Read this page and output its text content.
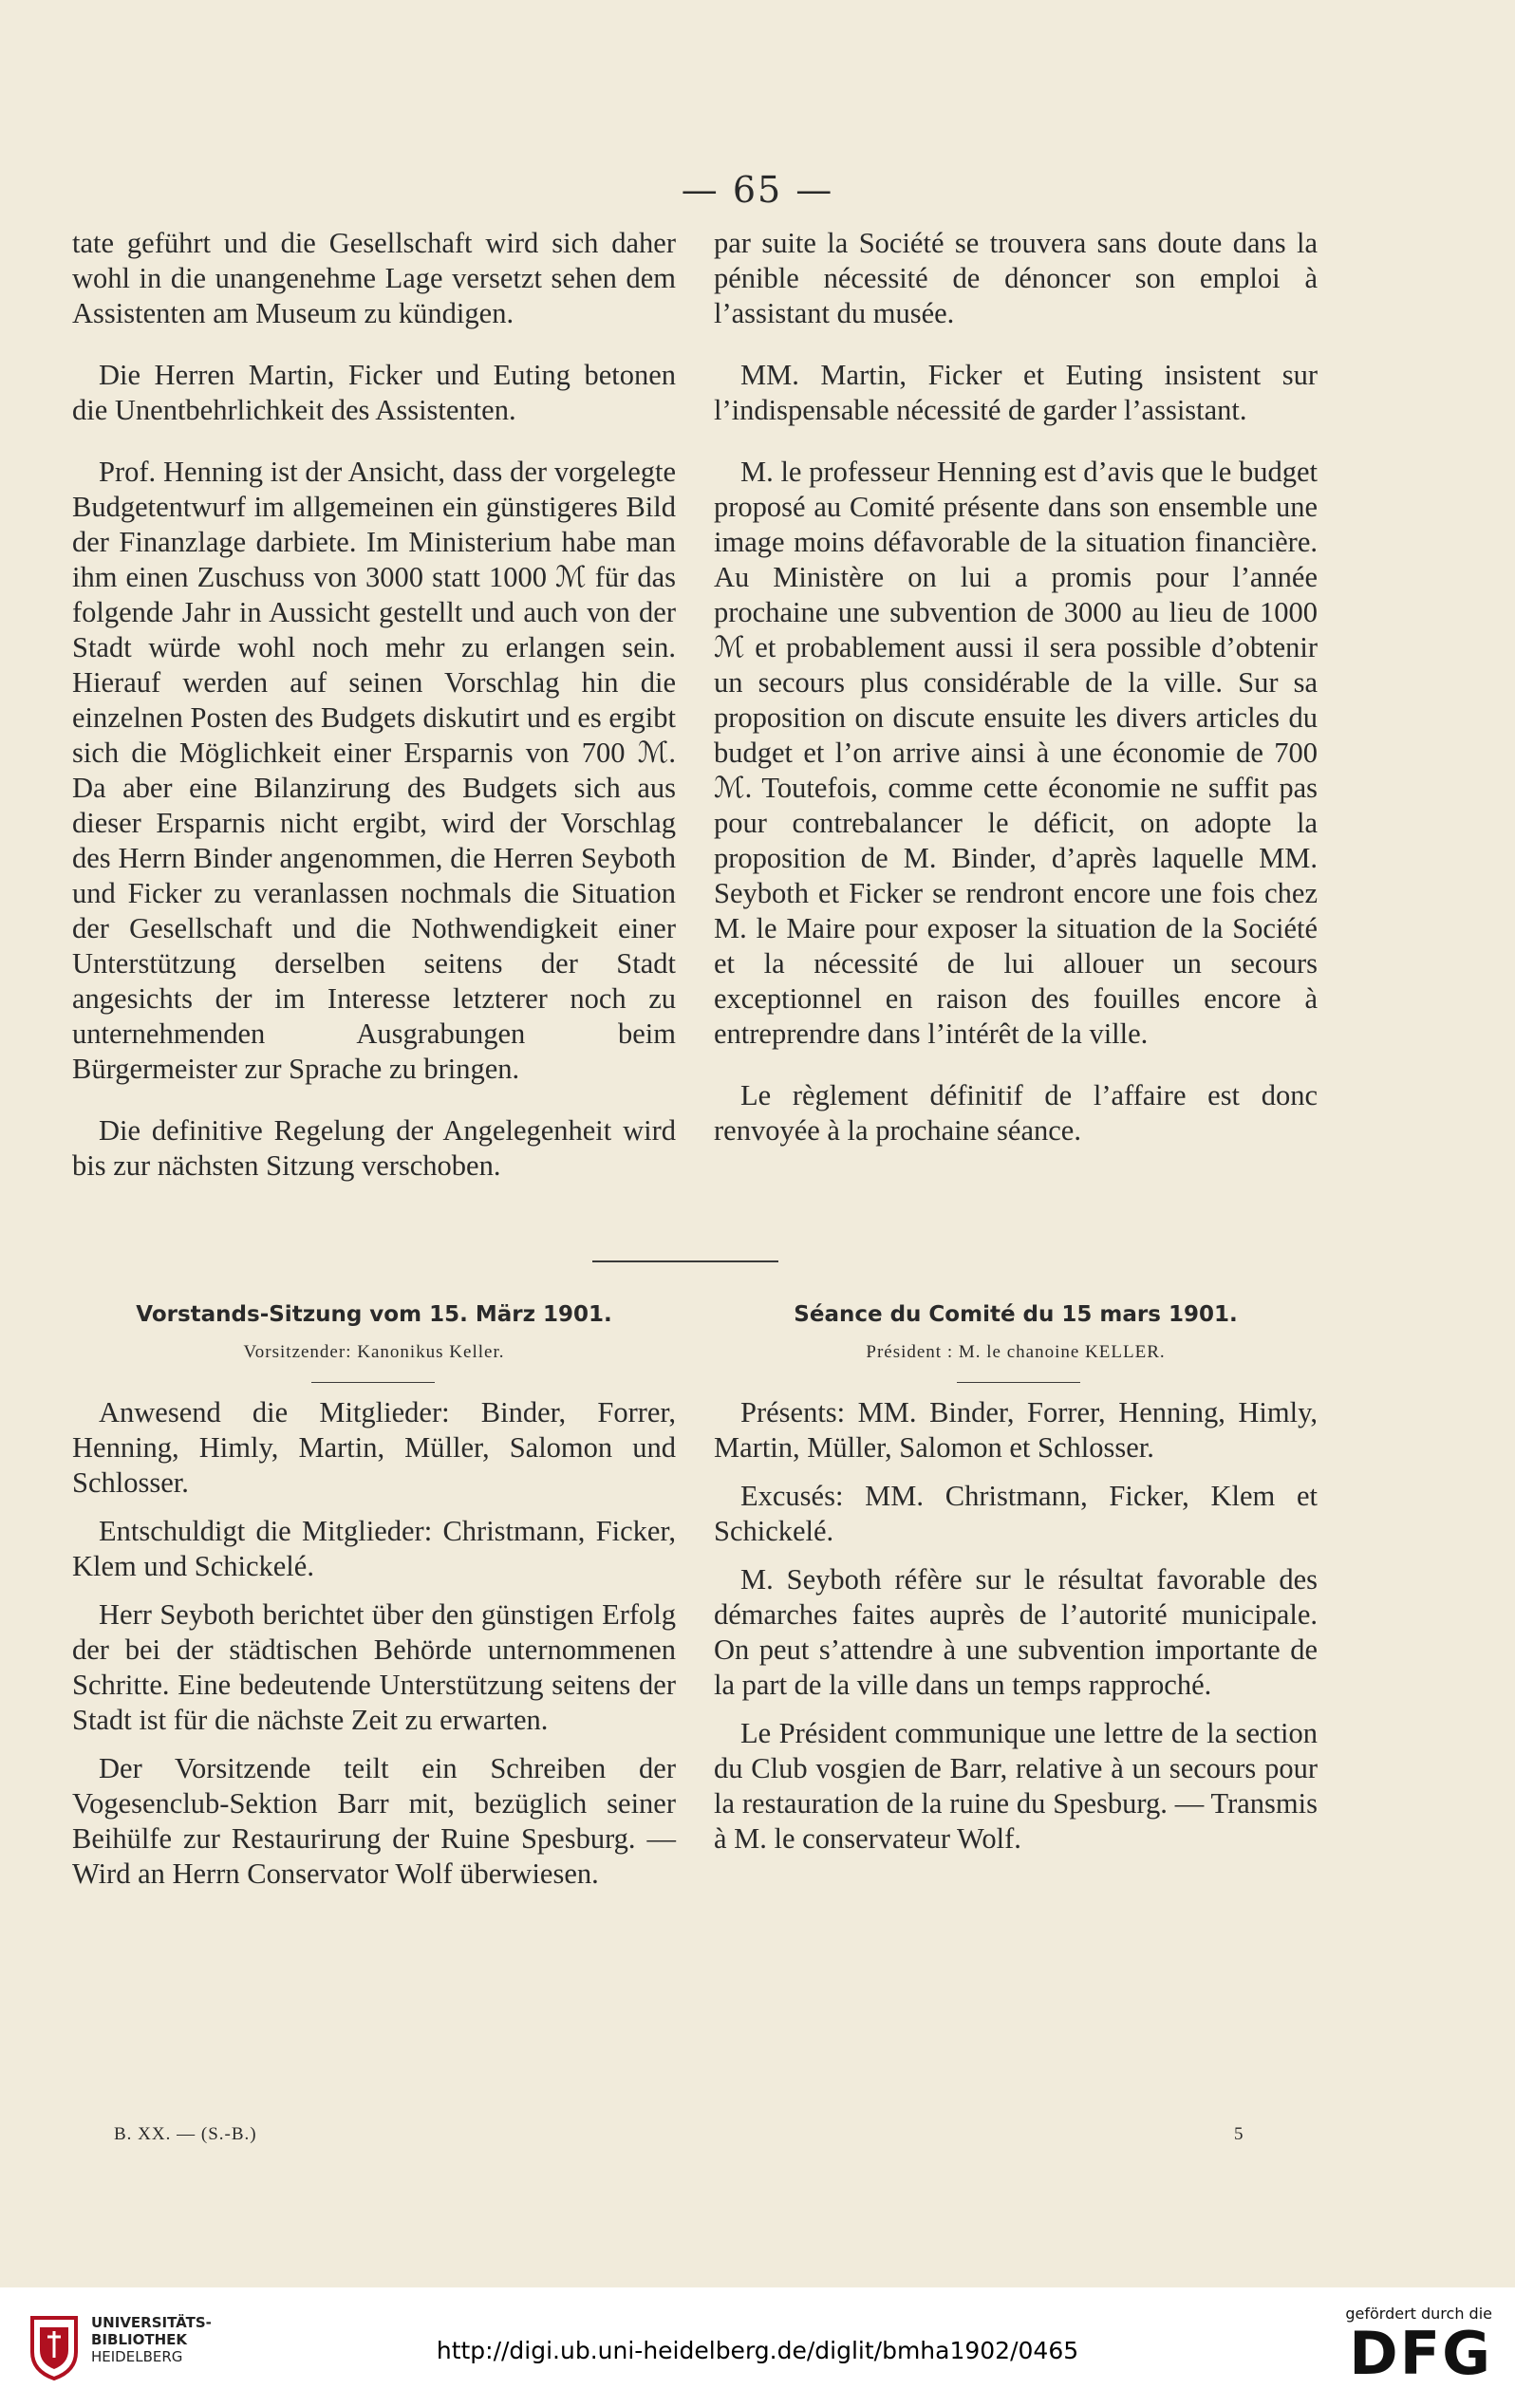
— 65 —

tate geführt und die Gesellschaft wird sich daher wohl in die unangenehme Lage versetzt sehen dem Assistenten am Museum zu kündigen.

Die Herren Martin, Ficker und Euting betonen die Unentbehrlichkeit des Assistenten.

Prof. Henning ist der Ansicht, dass der vorgelegte Budgetentwurf im allgemeinen ein günstigeres Bild der Finanzlage darbiete. Im Ministerium habe man ihm einen Zuschuss von 3000 statt 1000 ℳ für das folgende Jahr in Aussicht gestellt und auch von der Stadt würde wohl noch mehr zu erlangen sein. Hierauf werden auf seinen Vorschlag hin die einzelnen Posten des Budgets diskutirt und es ergibt sich die Möglichkeit einer Ersparnis von 700 ℳ. Da aber eine Bilanzirung des Budgets sich aus dieser Ersparnis nicht ergibt, wird der Vorschlag des Herrn Binder angenommen, die Herren Seyboth und Ficker zu veranlassen nochmals die Situation der Gesellschaft und die Nothwendigkeit einer Unterstützung derselben seitens der Stadt angesichts der im Interesse letzterer noch zu unternehmenden Ausgrabungen beim Bürgermeister zur Sprache zu bringen.

Die definitive Regelung der Angelegenheit wird bis zur nächsten Sitzung verschoben.

par suite la Société se trouvera sans doute dans la pénible nécessité de dénoncer son emploi à l’assistant du musée.

MM. Martin, Ficker et Euting insistent sur l’indispensable nécessité de garder l’assistant.

M. le professeur Henning est d’avis que le budget proposé au Comité présente dans son ensemble une image moins défavorable de la situation financière. Au Ministère on lui a promis pour l’année prochaine une subvention de 3000 au lieu de 1000 ℳ et probablement aussi il sera possible d’obtenir un secours plus considérable de la ville. Sur sa proposition on discute ensuite les divers articles du budget et l’on arrive ainsi à une économie de 700 ℳ. Toutefois, comme cette économie ne suffit pas pour contrebalancer le déficit, on adopte la proposition de M. Binder, d’après laquelle MM. Seyboth et Ficker se rendront encore une fois chez M. le Maire pour exposer la situation de la Société et la nécessité de lui allouer un secours exceptionnel en raison des fouilles encore à entreprendre dans l’intérêt de la ville.

Le règlement définitif de l’affaire est donc renvoyée à la prochaine séance.

Vorstands-Sitzung vom 15. März 1901.
Vorsitzender: Kanonikus Keller.
Séance du Comité du 15 mars 1901.
Président : M. le chanoine KELLER.

Anwesend die Mitglieder: Binder, Forrer, Henning, Himly, Martin, Müller, Salomon und Schlosser.

Entschuldigt die Mitglieder: Christmann, Ficker, Klem und Schickelé.

Herr Seyboth berichtet über den günstigen Erfolg der bei der städtischen Behörde unternommenen Schritte. Eine bedeutende Unterstützung seitens der Stadt ist für die nächste Zeit zu erwarten.

Der Vorsitzende teilt ein Schreiben der Vogesenclub-Sektion Barr mit, bezüglich seiner Beihülfe zur Restaurirung der Ruine Spesburg. — Wird an Herrn Conservator Wolf überwiesen.

Présents: MM. Binder, Forrer, Henning, Himly, Martin, Müller, Salomon et Schlosser.

Excusés: MM. Christmann, Ficker, Klem et Schickelé.

M. Seyboth réfère sur le résultat favorable des démarches faites auprès de l’autorité municipale. On peut s’attendre à une subvention importante de la part de la ville dans un temps rapproché.

Le Président communique une lettre de la section du Club vosgien de Barr, relative à un secours pour la restauration de la ruine du Spesburg. — Transmis à M. le conservateur Wolf.

B. XX. — (S.-B.)	5
UNIVERSITÄTS-
BIBLIOTHEK
HEIDELBERG	http://digi.ub.uni-heidelberg.de/diglit/bmha1902/0465
gefördert durch die
DFG
